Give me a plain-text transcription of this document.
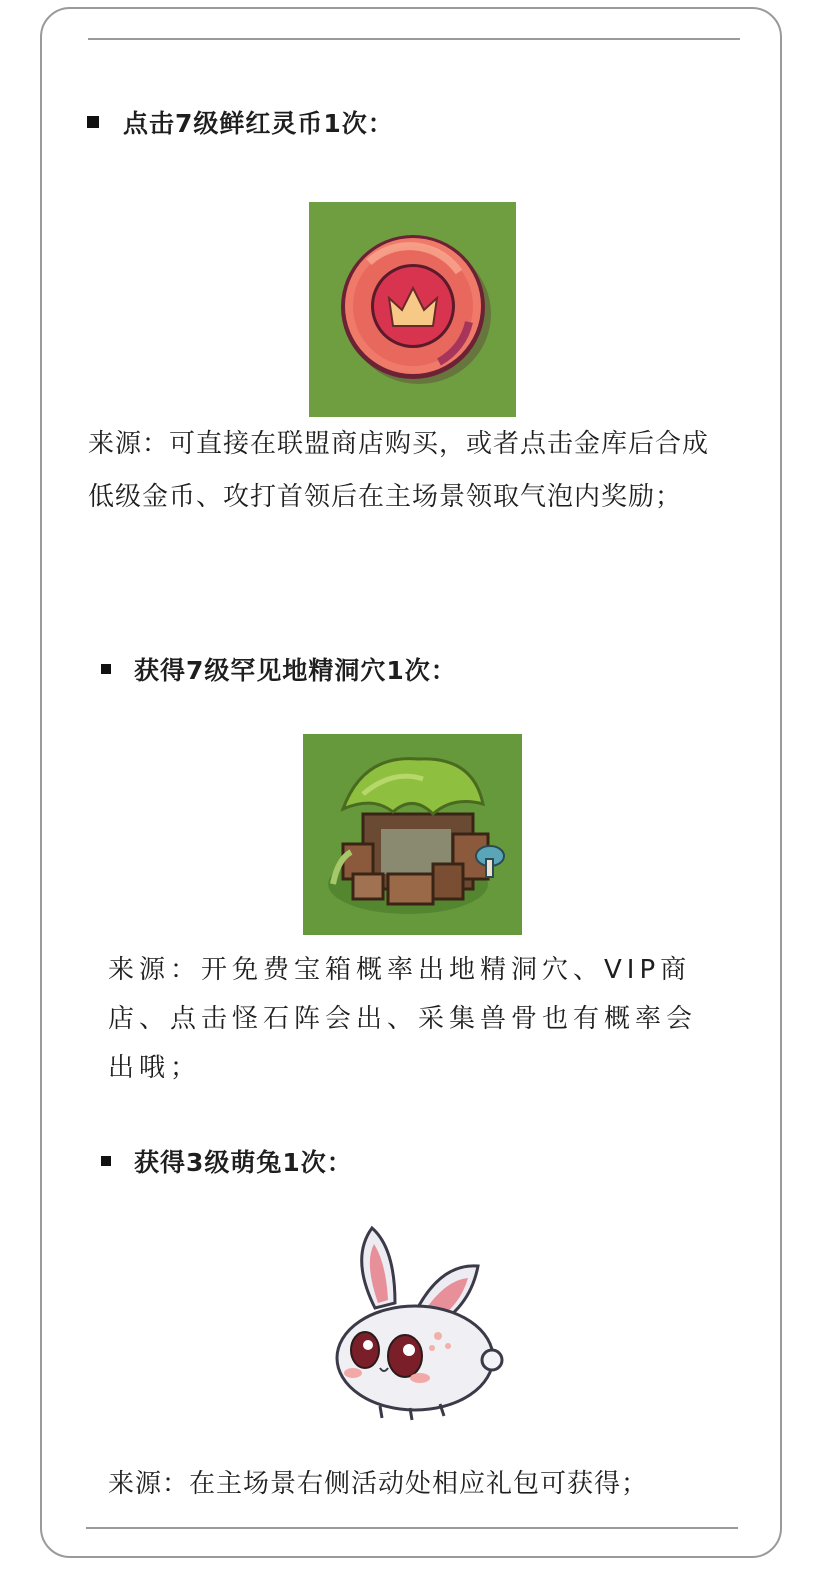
点击7级鲜红灵币1次：

来源：可直接在联盟商店购买，或者点击金库后合成低级金币、攻打首领后在主场景领取气泡内奖励；

获得7级罕见地精洞穴1次：

来源：开免费宝箱概率出地精洞穴、VIP商店、点击怪石阵会出、采集兽骨也有概率会出哦；

获得3级萌兔1次：

来源：在主场景右侧活动处相应礼包可获得；
